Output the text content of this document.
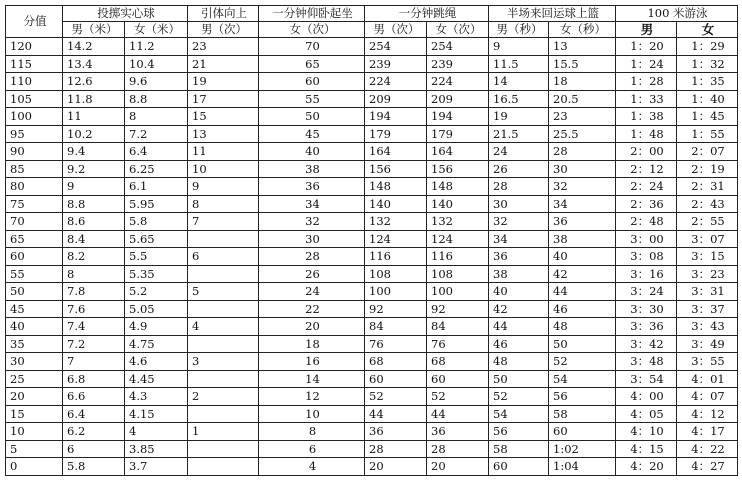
分值	投掷实心球		引体向上	一分钟仰卧起坐	一分钟跳绳		半场来回运球上篮		100 米游泳	
	男（米）	女（米）	男（次）	女（次）	男（次）	女（次）	男（秒）	女（秒）	男	女
120	14.2	11.2	23	70	254	254	9	13	1：20	1：29
115	13.4	10.4	21	65	239	239	11.5	15.5	1：24	1：32
110	12.6	9.6	19	60	224	224	14	18	1：28	1：35
105	11.8	8.8	17	55	209	209	16.5	20.5	1：33	1：40
100	11	8	15	50	194	194	19	23	1：38	1：45
95	10.2	7.2	13	45	179	179	21.5	25.5	1：48	1：55
90	9.4	6.4	11	40	164	164	24	28	2：00	2：07
85	9.2	6.25	10	38	156	156	26	30	2：12	2：19
80	9	6.1	9	36	148	148	28	32	2：24	2：31
75	8.8	5.95	8	34	140	140	30	34	2：36	2：43
70	8.6	5.8	7	32	132	132	32	36	2：48	2：55
65	8.4	5.65		30	124	124	34	38	3：00	3：07
60	8.2	5.5	6	28	116	116	36	40	3：08	3：15
55	8	5.35		26	108	108	38	42	3：16	3：23
50	7.8	5.2	5	24	100	100	40	44	3：24	3：31
45	7.6	5.05		22	92	92	42	46	3：30	3：37
40	7.4	4.9	4	20	84	84	44	48	3：36	3：43
35	7.2	4.75		18	76	76	46	50	3：42	3：49
30	7	4.6	3	16	68	68	48	52	3：48	3：55
25	6.8	4.45		14	60	60	50	54	3：54	4：01
20	6.6	4.3	2	12	52	52	52	56	4：00	4：07
15	6.4	4.15		10	44	44	54	58	4：05	4：12
10	6.2	4	1	8	36	36	56	60	4：10	4：17
5	6	3.85		6	28	28	58	1:02	4：15	4：22
0	5.8	3.7		4	20	20	60	1:04	4：20	4：27
